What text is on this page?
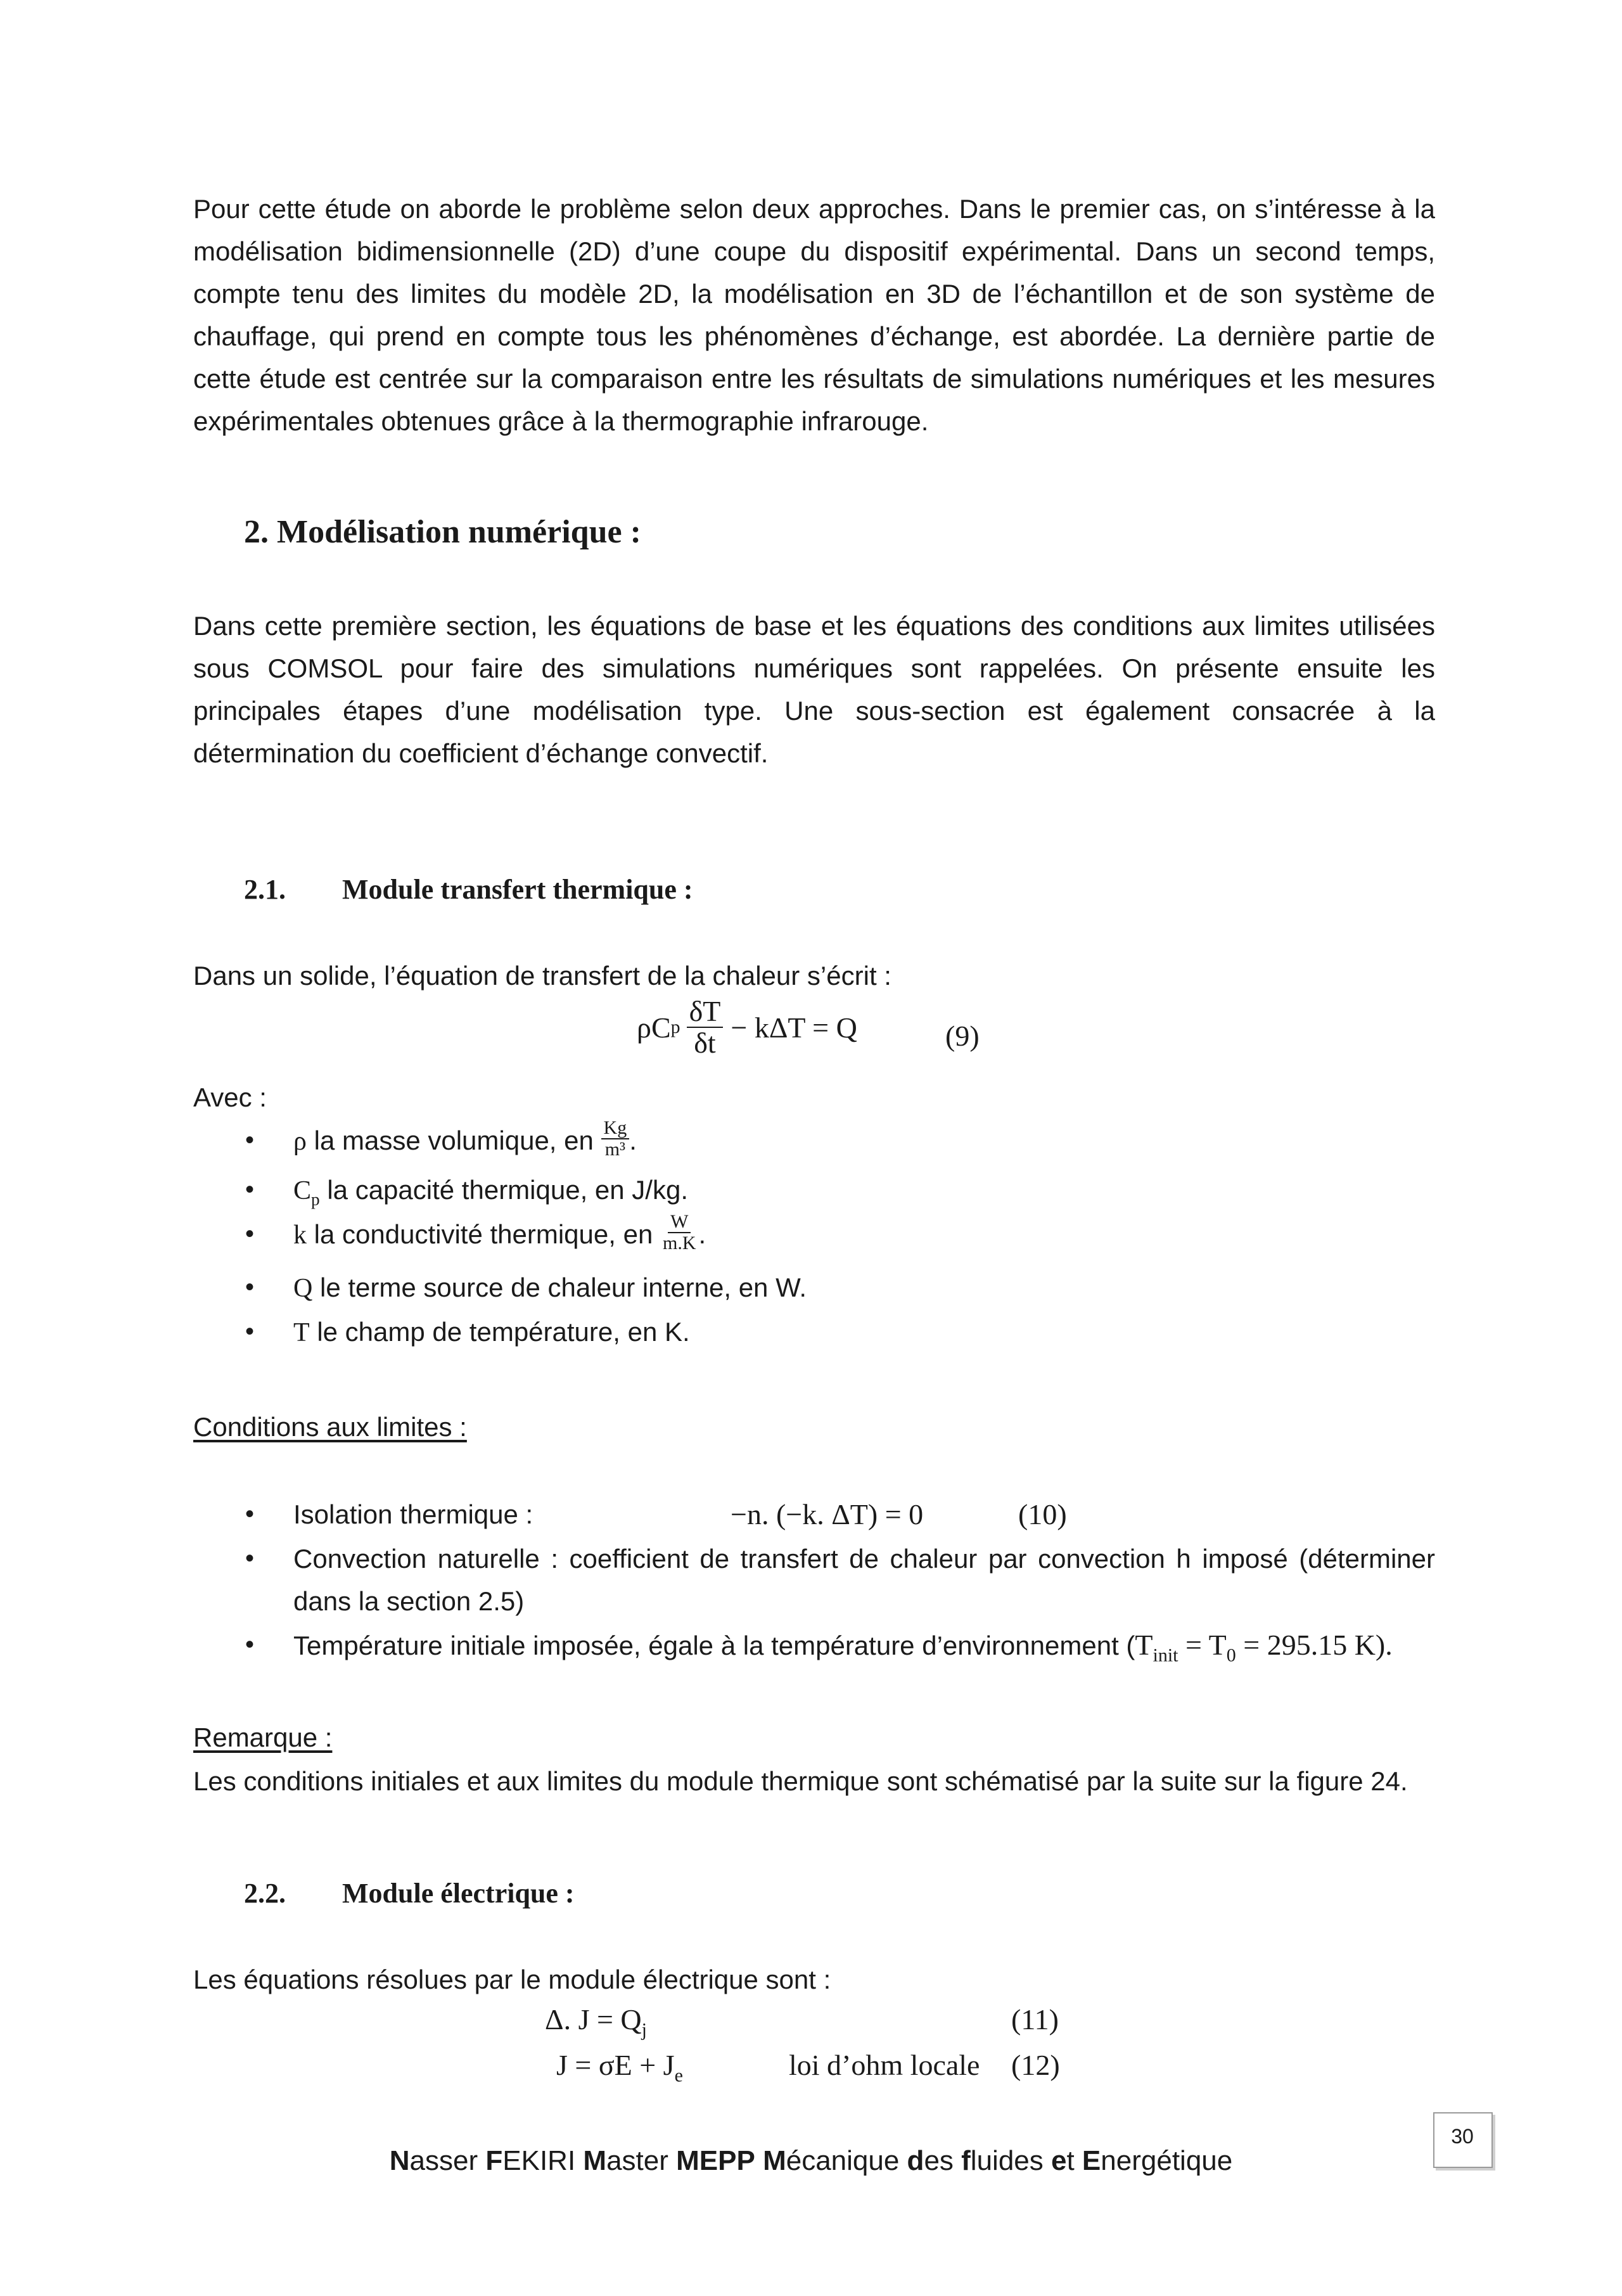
Pour cette étude on aborde le problème selon deux approches. Dans le premier cas, on s’intéresse à la modélisation bidimensionnelle (2D) d’une coupe du dispositif expérimental. Dans un second temps, compte tenu des limites du modèle 2D, la modélisation en 3D de l’échantillon et de son système de chauffage, qui prend en compte tous les phénomènes d’échange, est abordée. La dernière partie de cette étude est centrée sur la comparaison entre les résultats de simulations numériques et les mesures expérimentales obtenues grâce à la thermographie infrarouge.

2. Modélisation numérique :

Dans cette première section, les équations de base et les équations des conditions aux limites utilisées sous COMSOL pour faire des simulations numériques sont rappelées. On présente ensuite les principales étapes d’une modélisation type. Une sous-section est également consacrée à la détermination du coefficient d’échange convectif.

2.1. Module transfert thermique :
Dans un solide, l’équation de transfert de la chaleur s’écrit :
ρC p $\frac{\delta T}{\delta t} - k\Delta T = Q$	(9)
Avec :
• ρ la masse volumique, en $\frac{Kg}{\text{m³}}$ .
• $C_p$ la capacité thermique, en J/kg.
• k la conductivité thermique, en $\frac{W}{m.K}$ .
• Q le terme source de chaleur interne, en W.
• T le champ de température, en K.
Conditions aux limites :
• Isolation thermique :	−n. (−k. ΔT) = 0	(10)
• Convection naturelle : coefficient de transfert de chaleur par convection h imposé (déterminer dans la section 2.5)
• Température initiale imposée, égale à la température d’environnement ($T_{init} = T_0 = 295.15$ K).
Remarque :

Les conditions initiales et aux limites du module thermique sont schématisé par la suite sur la figure 24.

2.2. Module électrique :
Les équations résolues par le module électrique sont :
Δ. $J = Q_j$	(11)
$J = \sigma E + J_e$	loi d’ohm locale (12)
30
Nasser FEKIRI Master MEPP Mécanique des fluides et Energétique
